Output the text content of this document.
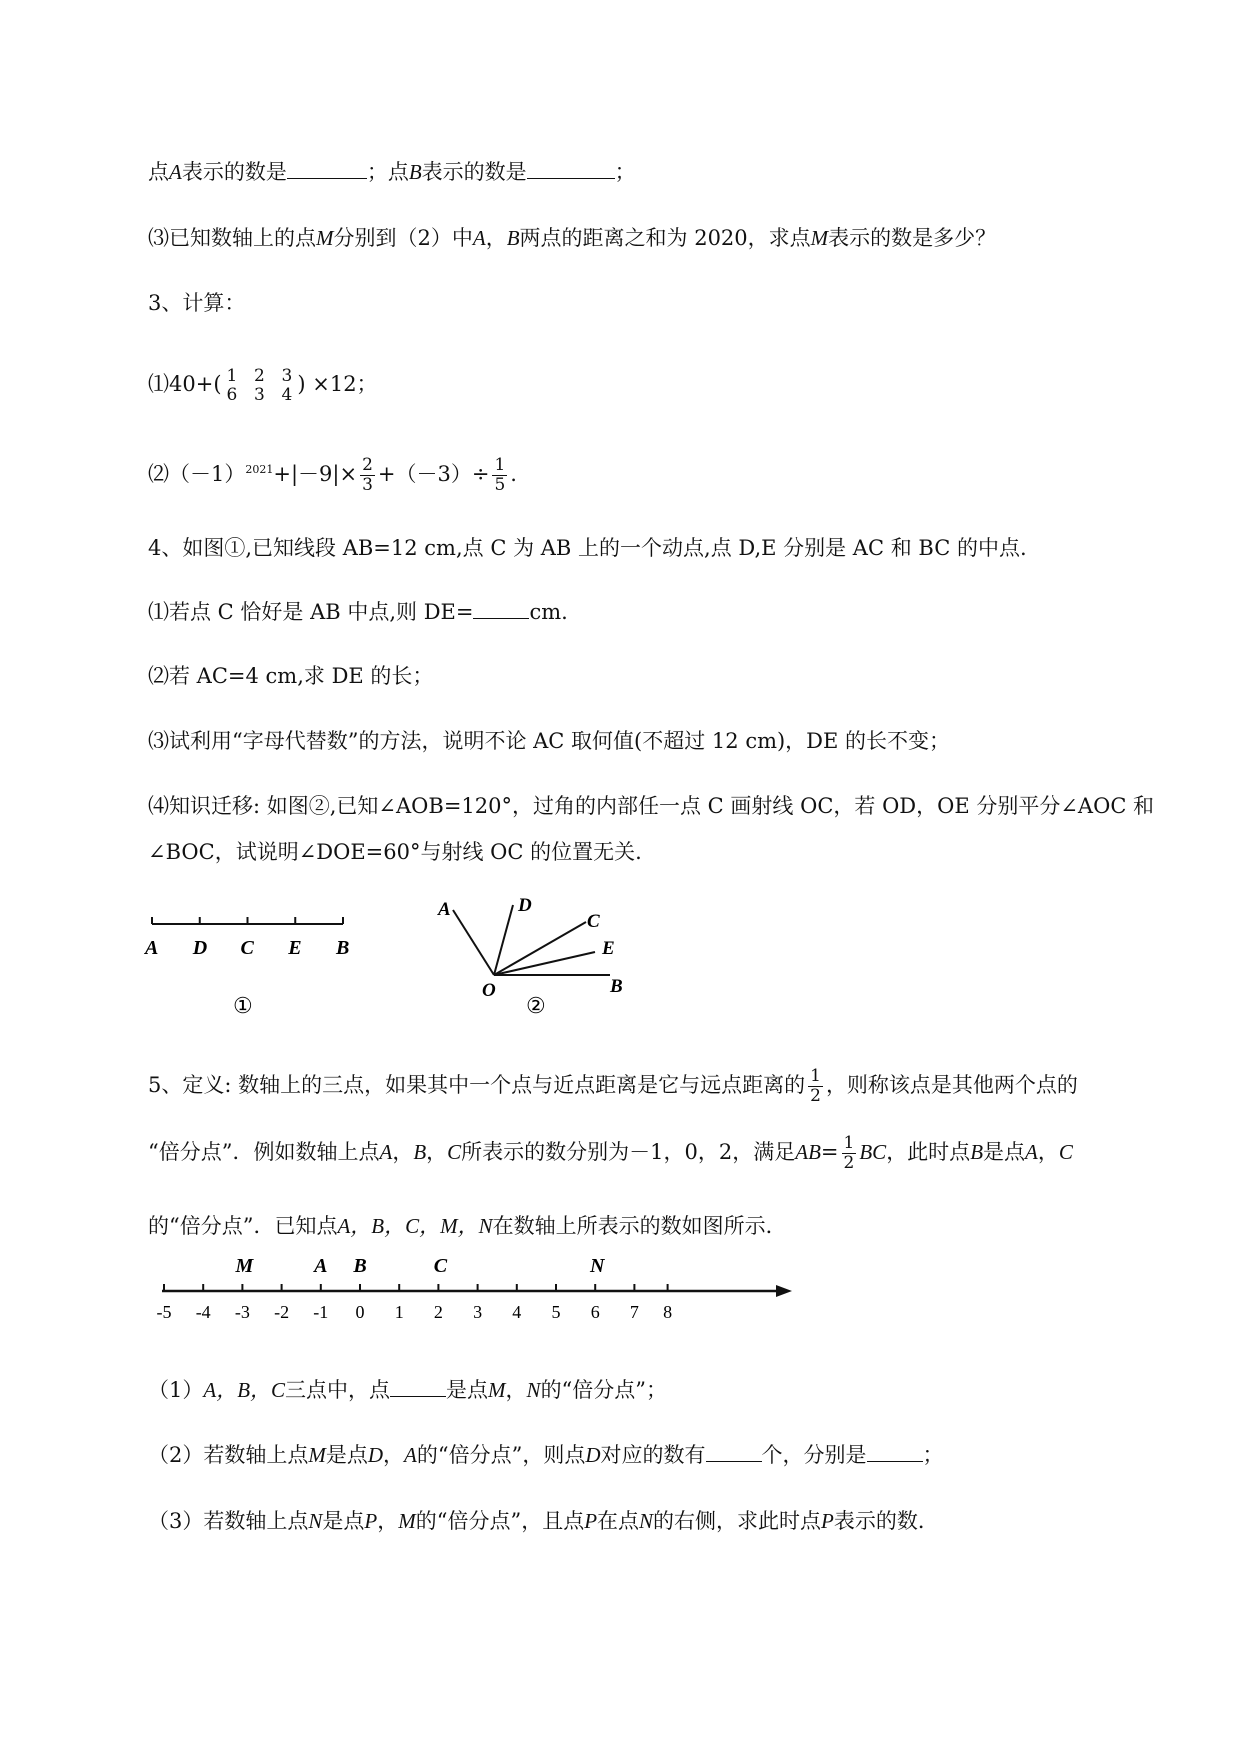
点A表示的数是	；点B表示的数是	；
⑶已知数轴上的点M分别到（2）中A，B两点的距离之和为 2020，求点M表示的数是多少？
3、计算：
⑴40+( 1
6

2
3

3
4 ) ×12；
$⑵(-1)^{2021}+|-9|\times \frac{2}{3} +(-3)\div \frac{1}{5}$ .
4、如图①,已知线段 AB=12 cm,点 C 为 AB 上的一个动点,点 D,E 分别是 AC 和 BC 的中点.
⑴若点 C 恰好是 AB 中点,则 DE=	cm.
⑵若 AC=4 cm,求 DE 的长；
⑶试利用“字母代替数”的方法，说明不论 AC 取何值(不超过 12 cm)，DE 的长不变；
⑷知识迁移: 如图②,已知∠AOB=120°，过角的内部任一点 C 画射线 OC，若 OD，OE 分别平分∠AOC 和
∠BOC，试说明∠DOE=60°与射线 OC 的位置无关.
A D C E B
①
A	D
C
E
O	B
②
5、定义: 数轴上的三点，如果其中一个点与近点距离是它与远点距离的 $\frac{1}{2}$ ，则称该点是其他两个点的
“倍分点”．例如数轴上点A，B，C所表示的数分别为－1，0，2，满足$AB= \frac{1}{2}$ BC，此时点B是点A，C
的“倍分点”．已知点A，B，C，M，N在数轴上所表示的数如图所示．
-5 -4 -3 -2 -1 0 1 2 3 4 5 6 7 8
M	A B	C	N
（1）A，B，C三点中，点	是点M，N的“倍分点”；
（2）若数轴上点M是点D，A的“倍分点”，则点D对应的数有	个，分别是	；
（3）若数轴上点N是点P，M的“倍分点”，且点P在点N的右侧，求此时点P表示的数．
